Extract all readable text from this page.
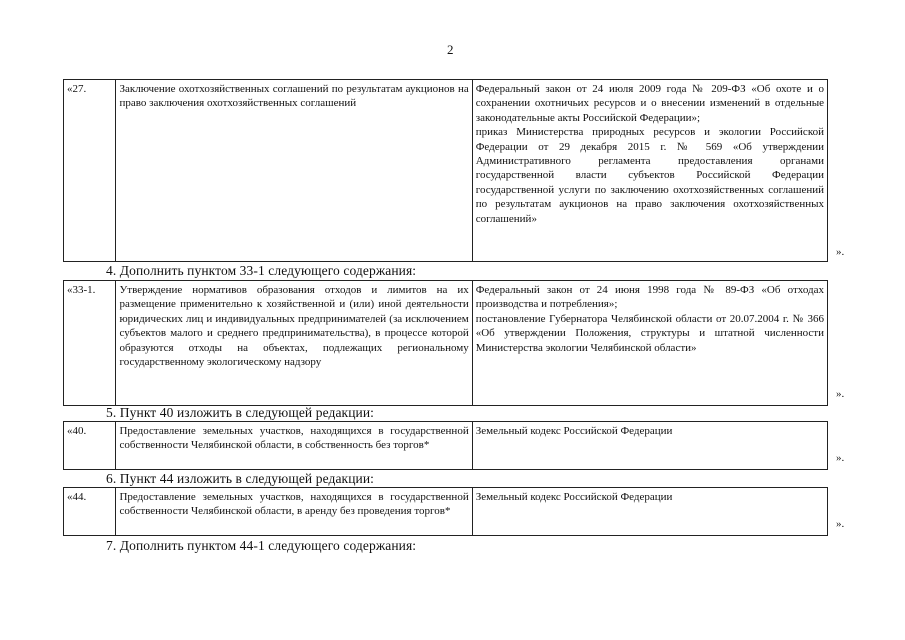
2
«27.	Заключение охотхозяйственных соглашений по результатам аукционов на право заключения охотхозяйственных соглашений	Федеральный закон от 24 июля 2009 года № 209-ФЗ «Об охоте и о сохранении охотничьих ресурсов и о внесении изменений в отдельные законодательные акты Российской Федерации»;
приказ Министерства природных ресурсов и экологии Российской Федерации от 29 декабря 2015 г. № 569 «Об утверждении Административного регламента предоставления органами государственной власти субъектов Российской Федерации государственной услуги по заключению охотхозяйственных соглашений по результатам аукционов на право заключения охотхозяйственных соглашений»
».
4. Дополнить пунктом 33-1 следующего содержания:
«33-1.	Утверждение нормативов образования отходов и лимитов на их размещение применительно к хозяйственной и (или) иной деятельности юридических лиц и индивидуальных предпринимателей (за исключением субъектов малого и среднего предпринимательства), в процессе которой образуются отходы на объектах, подлежащих региональному государственному экологическому надзору	Федеральный закон от 24 июня 1998 года № 89-ФЗ «Об отходах производства и потребления»;
постановление Губернатора Челябинской области от 20.07.2004 г. № 366 «Об утверждении Положения, структуры и штатной численности Министерства экологии Челябинской области»
».
5. Пункт 40 изложить в следующей редакции:
«40.	Предоставление земельных участков, находящихся в государственной собственности Челябинской области, в собственность без торгов*	Земельный кодекс Российской Федерации
».
6. Пункт 44 изложить в следующей редакции:
«44.	Предоставление земельных участков, находящихся в государственной собственности Челябинской области, в аренду без проведения торгов*	Земельный кодекс Российской Федерации
».
7. Дополнить пунктом 44-1 следующего содержания:
